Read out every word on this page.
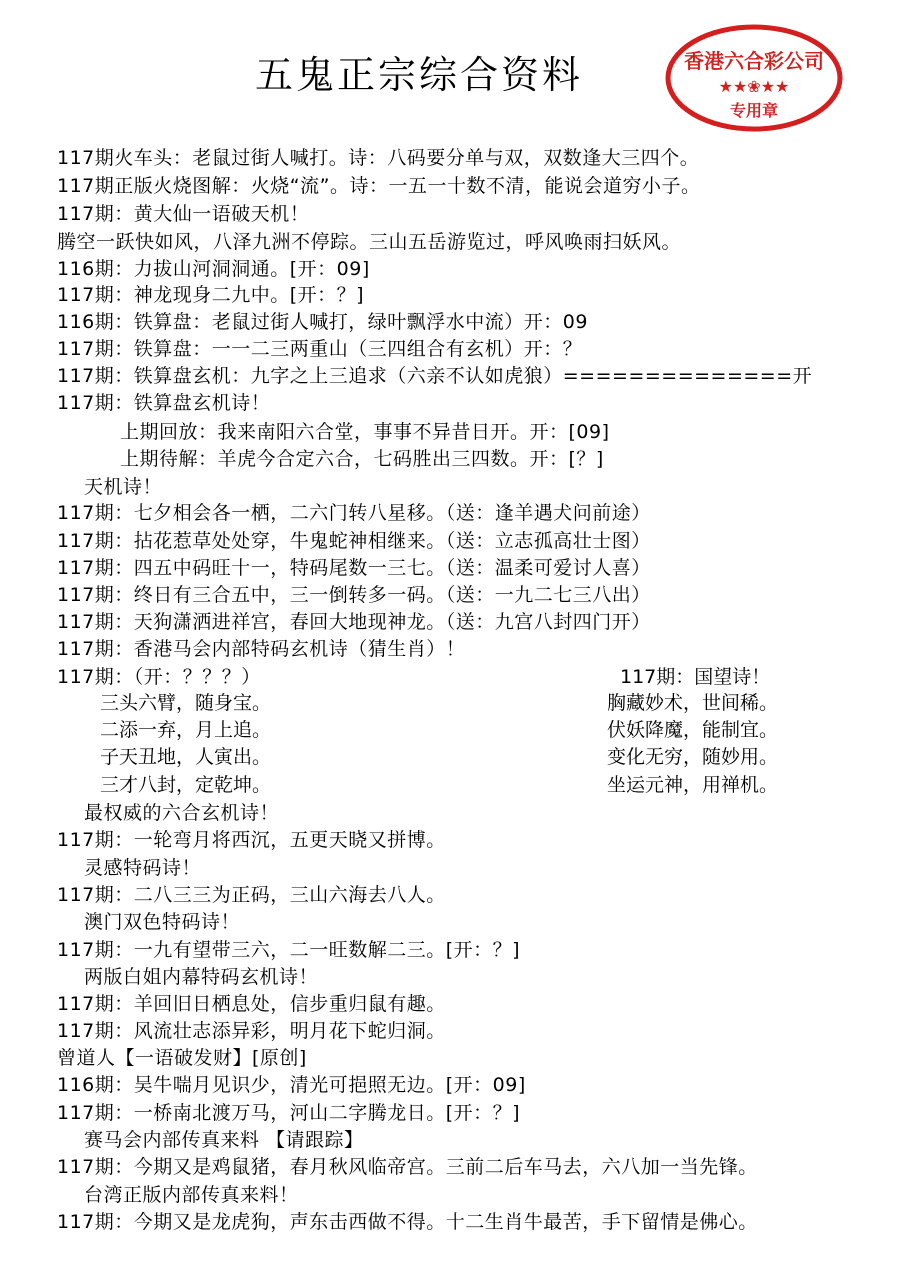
五鬼正宗综合资料	香港六合彩公司
★★❀★★
专用章
117期火车头：老鼠过街人喊打。诗：八码要分单与双，双数逢大三四个。
117期正版火烧图解：火烧“流”。诗：一五一十数不清，能说会道穷小子。
117期：黄大仙一语破天机！
腾空一跃快如风，八泽九洲不停踪。三山五岳游览过，呼风唤雨扫妖风。
116期：力拔山河洞洞通。[开：09]
117期：神龙现身二九中。[开：？]
116期：铁算盘：老鼠过街人喊打，绿叶飘浮水中流）开：09
117期：铁算盘：一一二三两重山（三四组合有玄机）开：？
117期：铁算盘玄机：九字之上三追求（六亲不认如虎狼）==============开
117期：铁算盘玄机诗！
上期回放：我来南阳六合堂，事事不异昔日开。开：[09]
上期待解：羊虎今合定六合，七码胜出三四数。开：[？]
天机诗！
117期：七夕相会各一栖，二六门转八星移。（送：逢羊遇犬问前途）
117期：拈花惹草处处穿，牛鬼蛇神相继来。（送：立志孤高壮士图）
117期：四五中码旺十一，特码尾数一三七。（送：温柔可爱讨人喜）
117期：终日有三合五中，三一倒转多一码。（送：一九二七三八出）
117期：天狗潇洒进祥宫，春回大地现神龙。（送：九宫八封四门开）
117期：香港马会内部特码玄机诗（猜生肖）！
117期：（开：？？？）
三头六臂，随身宝。
二添一弃，月上追。
子天丑地，人寅出。
三才八封，定乾坤。
117期：国望诗！
胸藏妙术，世间稀。
伏妖降魔，能制宜。
变化无穷，随妙用。
坐运元神，用禅机。
最权威的六合玄机诗！
117期：一轮弯月将西沉，五更天晓又拼博。
灵感特码诗！
117期：二八三三为正码，三山六海去八人。
澳门双色特码诗！
117期：一九有望带三六，二一旺数解二三。[开：？]
两版白姐内幕特码玄机诗！
117期：羊回旧日栖息处，信步重归鼠有趣。
117期：风流壮志添异彩，明月花下蛇归洞。
曾道人【一语破发财】[原创]
116期：吴牛喘月见识少，清光可挹照无边。[开：09]
117期：一桥南北渡万马，河山二字腾龙日。[开：？]
赛马会内部传真来料 【请跟踪】
117期：今期又是鸡鼠猪，春月秋风临帝宫。三前二后车马去，六八加一当先锋。
台湾正版内部传真来料！
117期：今期又是龙虎狗，声东击西做不得。十二生肖牛最苦，手下留情是佛心。
